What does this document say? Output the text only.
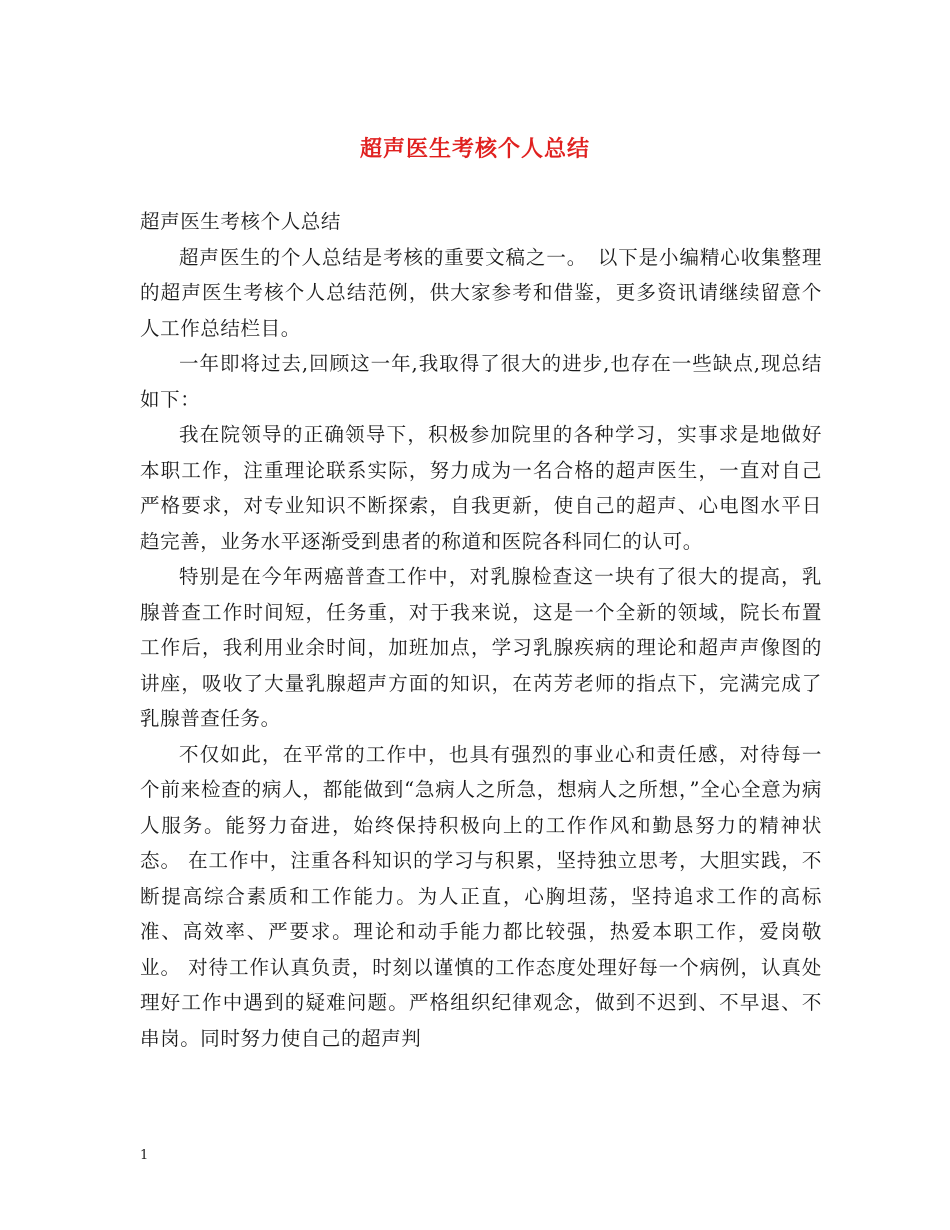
超声医生考核个人总结

超声医生考核个人总结

超声医生的个人总结是考核的重要文稿之一。　以下是小编精心收集整理的超声医生考核个人总结范例，供大家参考和借鉴，更多资讯请继续留意个人工作总结栏目。

一年即将过去,回顾这一年,我取得了很大的进步,也存在一些缺点,现总结如下：

我在院领导的正确领导下，积极参加院里的各种学习，实事求是地做好本职工作，注重理论联系实际，努力成为一名合格的超声医生，一直对自己严格要求，对专业知识不断探索，自我更新，使自己的超声、心电图水平日趋完善，业务水平逐渐受到患者的称道和医院各科同仁的认可。

特别是在今年两癌普查工作中，对乳腺检查这一块有了很大的提高，乳腺普查工作时间短，任务重，对于我来说，这是一个全新的领域，院长布置工作后，我利用业余时间，加班加点，学习乳腺疾病的理论和超声声像图的讲座，吸收了大量乳腺超声方面的知识，在芮芳老师的指点下，完满完成了乳腺普查任务。

不仅如此，在平常的工作中，也具有强烈的事业心和责任感，对待每一个前来检查的病人，都能做到“急病人之所急，想病人之所想，”全心全意为病人服务。能努力奋进，始终保持积极向上的工作作风和勤恳努力的精神状态。 在工作中，注重各科知识的学习与积累，坚持独立思考，大胆实践，不断提高综合素质和工作能力。为人正直，心胸坦荡，坚持追求工作的高标准、高效率、严要求。理论和动手能力都比较强，热爱本职工作，爱岗敬业。 对待工作认真负责，时刻以谨慎的工作态度处理好每一个病例，认真处理好工作中遇到的疑难问题。严格组织纪律观念，做到不迟到、不早退、不串岗。同时努力使自己的超声判

1
